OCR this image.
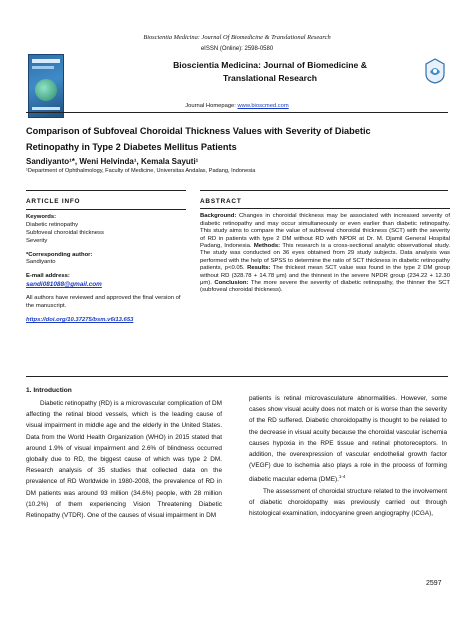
Bioscientia Medicina: Journal Of Biomedicine & Translational Research
eISSN (Online): 2598-0580
Bioscientia Medicina: Journal of Biomedicine &
Translational Research
Journal Homepage: www.bioscmed.com
Comparison of Subfoveal Choroidal Thickness Values with Severity of Diabetic
Retinopathy in Type 2 Diabetes Mellitus Patients
Sandiyanto¹*, Weni Helvinda¹, Kemala Sayuti¹
¹Department of Ophthalmology, Faculty of Medicine, Universitas Andalas, Padang, Indonesia
ARTICLE INFO
Keywords:
Diabetic retinopathy
Subfoveal choroidal thickness
Severity
*Corresponding author:
Sandiyanto
E-mail address:
sandi081088@gmail.com
All authors have reviewed and approved the final version of the manuscript.
https://doi.org/10.37275/bsm.v6i13.653
ABSTRACT

Background: Changes in choroidal thickness may be associated with increased severity of diabetic retinopathy and may occur simultaneously or even earlier than diabetic retinopathy. This study aims to compare the value of subfoveal choroidal thickness (SCT) with the severity of RD in patients with type 2 DM without RD with NPDR at Dr. M. Djamil General Hospital Padang, Indonesia. Methods: This research is a cross-sectional analytic observational study. The study was conducted on 36 eyes obtained from 29 study subjects. Data analysis was performed with the help of SPSS to determine the ratio of SCT thickness in diabetic retinopathy patients, p<0.05. Results: The thickest mean SCT value was found in the type 2 DM group without RD (328.78 + 14.78 μm) and the thinnest in the severe NPDR group (234.22 + 12.30 μm). Conclusion: The more severe the severity of diabetic retinopathy, the thinner the SCT (subfoveal choroidal thickness).

1. Introduction

Diabetic retinopathy (RD) is a microvascular complication of DM affecting the retinal blood vessels, which is the leading cause of visual impairment in middle age and the elderly in the United States. Data from the World Health Organization (WHO) in 2015 stated that around 1.9% of visual impairment and 2.6% of blindness occurred globally due to RD, the biggest cause of which was type 2 DM. Research analysis of 35 studies that collected data on the prevalence of RD Worldwide in 1980-2008, the prevalence of RD in DM patients was around 93 million (34.6%) people, with 28 million (10.2%) of them experiencing Vision Threatening Diabetic Retinopathy (VTDR). One of the causes of visual impairment in DM

patients is retinal microvasculature abnormalities. However, some cases show visual acuity does not match or is worse than the severity of the RD suffered. Diabetic choroidopathy is thought to be related to the decrease in visual acuity because the choroidal vascular ischemia causes hypoxia in the RPE tissue and retinal photoreceptors. In addition, the overexpression of vascular endothelial growth factor (VEGF) due to ischemia also plays a role in the process of forming diabetic macular edema (DME).$^{1-4}$

The assessment of choroidal structure related to the involvement of diabetic choroidopathy was previously carried out through histological examination, indocyanine green angiography (ICGA),

2597
